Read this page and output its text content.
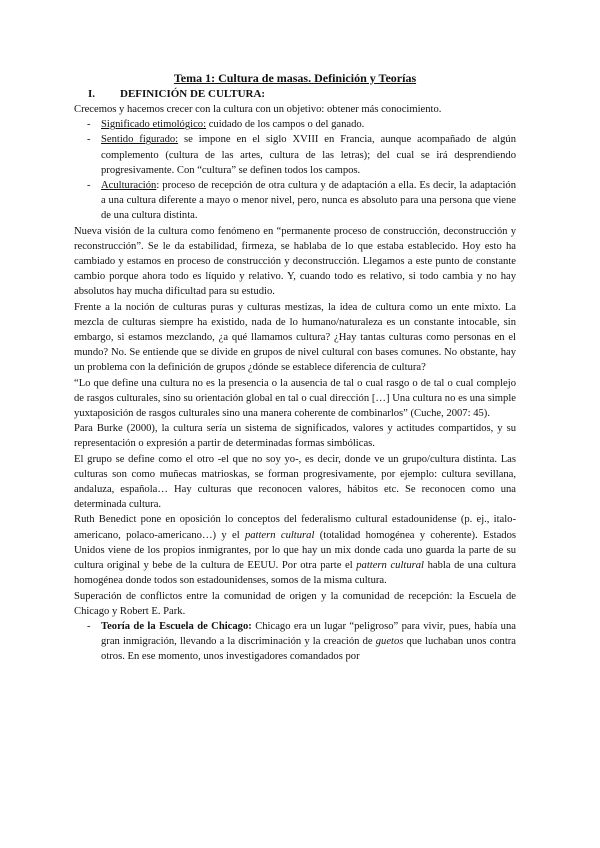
Tema 1: Cultura de masas. Definición y Teorías
I. DEFINICIÓN DE CULTURA:

Crecemos y hacemos crecer con la cultura con un objetivo: obtener más conocimiento.

- Significado etimológico: cuidado de los campos o del ganado.
- Sentido figurado: se impone en el siglo XVIII en Francia, aunque acompañado de algún complemento (cultura de las artes, cultura de las letras); del cual se irá desprendiendo progresivamente. Con “cultura” se definen todos los campos.
- Aculturación: proceso de recepción de otra cultura y de adaptación a ella. Es decir, la adaptación a una cultura diferente a mayo o menor nivel, pero, nunca es absoluto para una persona que viene de una cultura distinta.

Nueva visión de la cultura como fenómeno en “permanente proceso de construcción, deconstrucción y reconstrucción”. Se le da estabilidad, firmeza, se hablaba de lo que estaba establecido. Hoy esto ha cambiado y estamos en proceso de construcción y deconstrucción. Llegamos a este punto de constante cambio porque ahora todo es líquido y relativo. Y, cuando todo es relativo, si todo cambia y no hay absolutos hay mucha dificultad para su estudio.

Frente a la noción de culturas puras y culturas mestizas, la idea de cultura como un ente mixto. La mezcla de culturas siempre ha existido, nada de lo humano/naturaleza es un constante intocable, sin embargo, si estamos mezclando, ¿a qué llamamos cultura? ¿Hay tantas culturas como personas en el mundo? No. Se entiende que se divide en grupos de nivel cultural con bases comunes. No obstante, hay un problema con la definición de grupos ¿dónde se establece diferencia de cultura?

“Lo que define una cultura no es la presencia o la ausencia de tal o cual rasgo o de tal o cual complejo de rasgos culturales, sino su orientación global en tal o cual dirección […] Una cultura no es una simple yuxtaposición de rasgos culturales sino una manera coherente de combinarlos” (Cuche, 2007: 45).

Para Burke (2000), la cultura sería un sistema de significados, valores y actitudes compartidos, y su representación o expresión a partir de determinadas formas simbólicas.

El grupo se define como el otro -el que no soy yo-, es decir, donde ve un grupo/cultura distinta. Las culturas son como muñecas matrioskas, se forman progresivamente, por ejemplo: cultura sevillana, andaluza, española… Hay culturas que reconocen valores, hábitos etc. Se reconocen como una determinada cultura.

Ruth Benedict pone en oposición lo conceptos del federalismo cultural estadounidense (p. ej., italo-americano, polaco-americano…) y el pattern cultural (totalidad homogénea y coherente). Estados Unidos viene de los propios inmigrantes, por lo que hay un mix donde cada uno guarda la parte de su cultura original y bebe de la cultura de EEUU. Por otra parte el pattern cultural habla de una cultura homogénea donde todos son estadounidenses, somos de la misma cultura.

Superación de conflictos entre la comunidad de origen y la comunidad de recepción: la Escuela de Chicago y Robert E. Park.

- Teoría de la Escuela de Chicago: Chicago era un lugar “peligroso” para vivir, pues, había una gran inmigración, llevando a la discriminación y la creación de guetos que luchaban unos contra otros. En ese momento, unos investigadores comandados por
